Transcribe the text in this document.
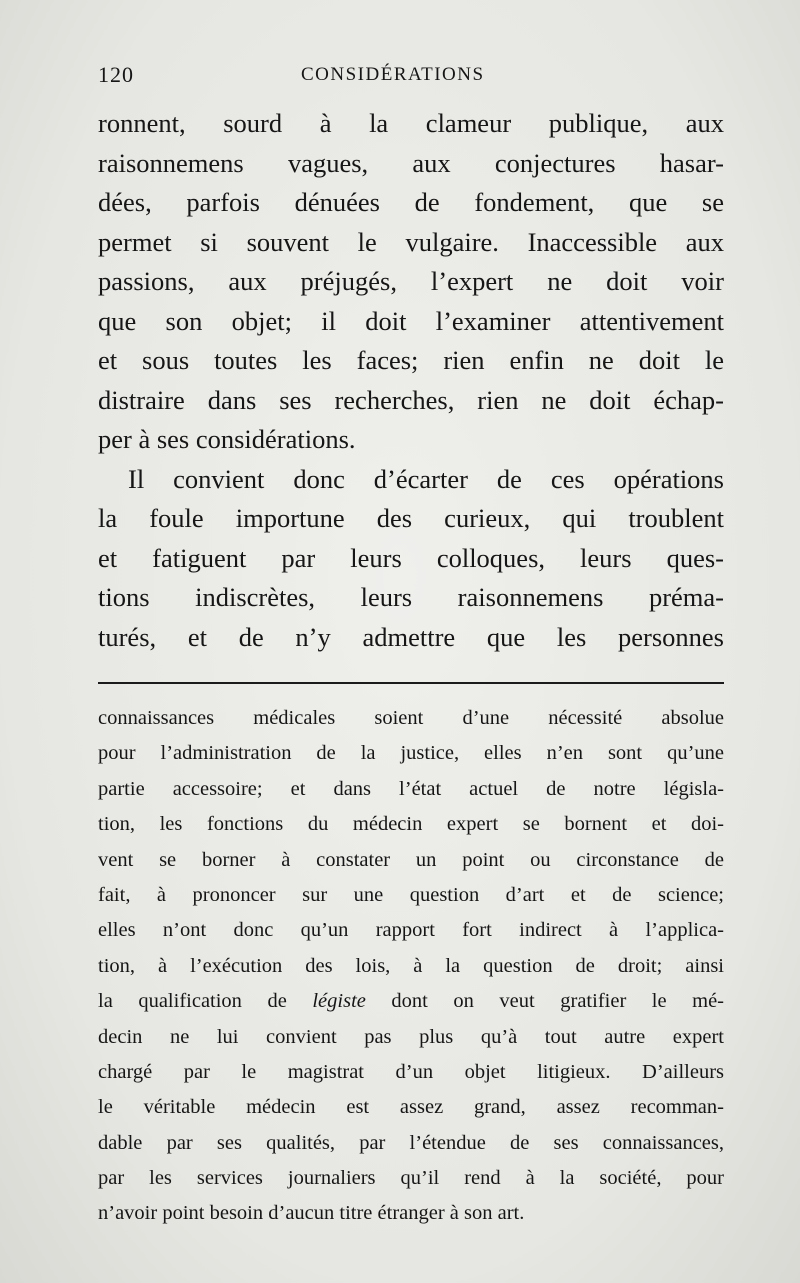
120	CONSIDÉRATIONS
ronnent, sourd à la clameur publique, aux
raisonnemens vagues, aux conjectures hasar-
dées, parfois dénuées de fondement, que se
permet si souvent le vulgaire. Inaccessible aux
passions, aux préjugés, l’expert ne doit voir
que son objet; il doit l’examiner attentivement
et sous toutes les faces; rien enfin ne doit le
distraire dans ses recherches, rien ne doit échap-
per à ses considérations.
Il convient donc d’écarter de ces opérations
la foule importune des curieux, qui troublent
et fatiguent par leurs colloques, leurs ques-
tions indiscrètes, leurs raisonnemens préma-
turés, et de n’y admettre que les personnes
connaissances médicales soient d’une nécessité absolue
pour l’administration de la justice, elles n’en sont qu’une
partie accessoire; et dans l’état actuel de notre législa-
tion, les fonctions du médecin expert se bornent et doi-
vent se borner à constater un point ou circonstance de
fait, à prononcer sur une question d’art et de science;
elles n’ont donc qu’un rapport fort indirect à l’applica-
tion, à l’exécution des lois, à la question de droit; ainsi
la qualification de légiste dont on veut gratifier le mé-
decin ne lui convient pas plus qu’à tout autre expert
chargé par le magistrat d’un objet litigieux. D’ailleurs
le véritable médecin est assez grand, assez recomman-
dable par ses qualités, par l’étendue de ses connaissances,
par les services journaliers qu’il rend à la société, pour
n’avoir point besoin d’aucun titre étranger à son art.
